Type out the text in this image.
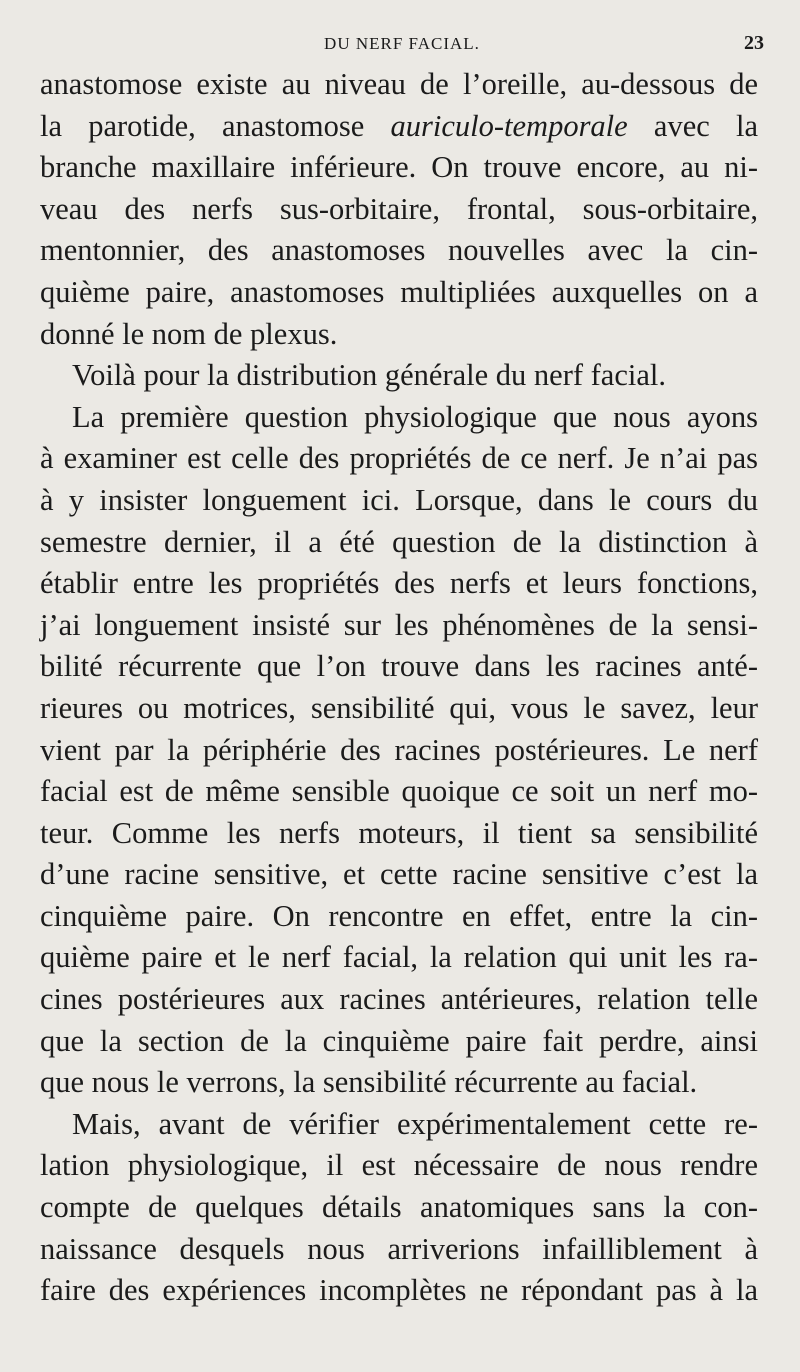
DU NERF FACIAL.	23

anastomose existe au niveau de l’oreille, au-dessous de
la parotide, anastomose auriculo-temporale avec la
branche maxillaire inférieure. On trouve encore, au ni-
veau des nerfs sus-orbitaire, frontal, sous-orbitaire,
mentonnier, des anastomoses nouvelles avec la cin-
quième paire, anastomoses multipliées auxquelles on a
donné le nom de plexus.

Voilà pour la distribution générale du nerf facial.

La première question physiologique que nous ayons
à examiner est celle des propriétés de ce nerf. Je n’ai pas
à y insister longuement ici. Lorsque, dans le cours du
semestre dernier, il a été question de la distinction à
établir entre les propriétés des nerfs et leurs fonctions,
j’ai longuement insisté sur les phénomènes de la sensi-
bilité récurrente que l’on trouve dans les racines anté-
rieures ou motrices, sensibilité qui, vous le savez, leur
vient par la périphérie des racines postérieures. Le nerf
facial est de même sensible quoique ce soit un nerf mo-
teur. Comme les nerfs moteurs, il tient sa sensibilité
d’une racine sensitive, et cette racine sensitive c’est la
cinquième paire. On rencontre en effet, entre la cin-
quième paire et le nerf facial, la relation qui unit les ra-
cines postérieures aux racines antérieures, relation telle
que la section de la cinquième paire fait perdre, ainsi
que nous le verrons, la sensibilité récurrente au facial.

Mais, avant de vérifier expérimentalement cette re-
lation physiologique, il est nécessaire de nous rendre
compte de quelques détails anatomiques sans la con-
naissance desquels nous arriverions infailliblement à
faire des expériences incomplètes ne répondant pas à la
